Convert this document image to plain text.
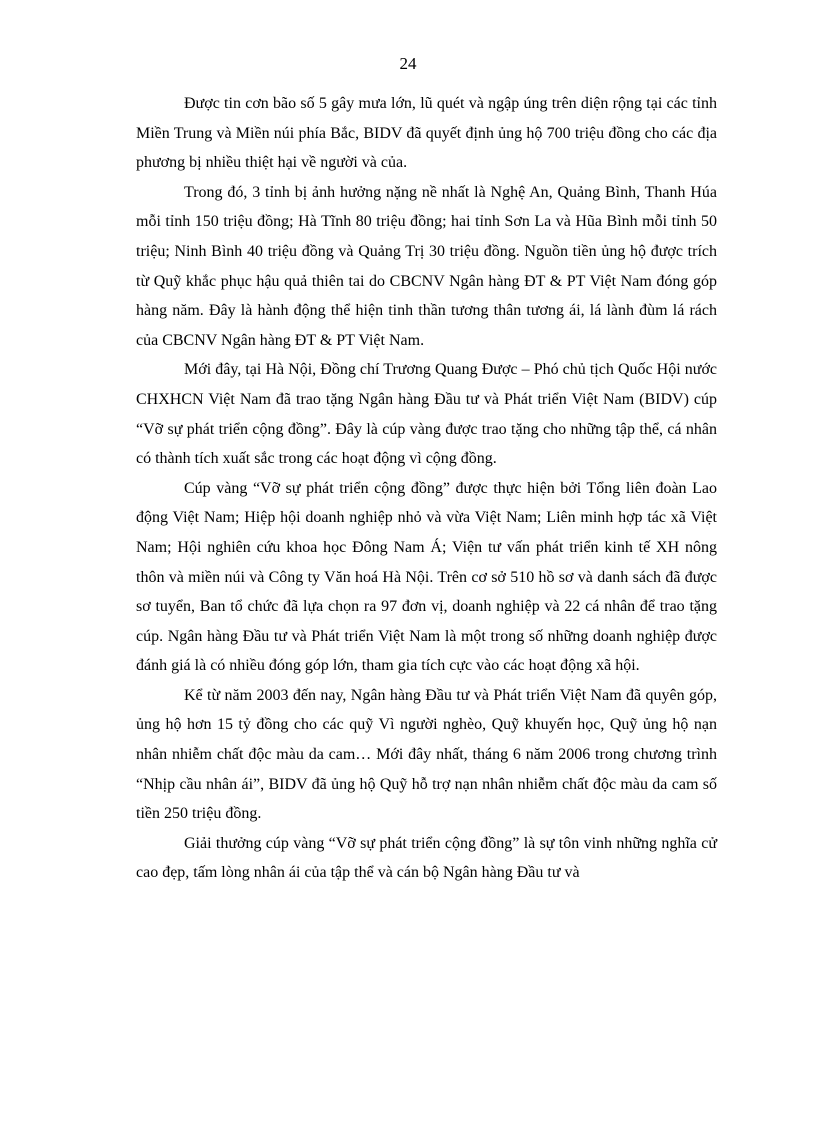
24

Được tin cơn bão số 5 gây mưa lớn, lũ quét và ngập úng trên diện rộng tại các tỉnh Miền Trung và Miền núi phía Bắc, BIDV đã quyết định ủng hộ 700 triệu đồng cho các địa phương bị nhiều thiệt hại về người và của.

Trong đó, 3 tỉnh bị ảnh hưởng nặng nề nhất là Nghệ An, Quảng Bình, Thanh Húa mỗi tỉnh 150 triệu đồng; Hà Tĩnh 80 triệu đồng; hai tỉnh Sơn La và Hũa Bình mỗi tỉnh 50 triệu; Ninh Bình 40 triệu đồng và Quảng Trị 30 triệu đồng. Nguồn tiền ủng hộ được trích từ Quỹ khắc phục hậu quả thiên tai do CBCNV Ngân hàng ĐT & PT Việt Nam đóng góp hàng năm. Đây là hành động thể hiện tinh thần tương thân tương ái, lá lành đùm lá rách của CBCNV Ngân hàng ĐT & PT Việt Nam.

Mới đây, tại Hà Nội, Đồng chí Trương Quang Được – Phó chủ tịch Quốc Hội nước CHXHCN Việt Nam đã trao tặng Ngân hàng Đầu tư và Phát triển Việt Nam (BIDV) cúp “Vỡ sự phát triển cộng đồng”. Đây là cúp vàng được trao tặng cho những tập thể, cá nhân có thành tích xuất sắc trong các hoạt động vì cộng đồng.

Cúp vàng “Vỡ sự phát triển cộng đồng” được thực hiện bởi Tổng liên đoàn Lao động Việt Nam; Hiệp hội doanh nghiệp nhỏ và vừa Việt Nam; Liên minh hợp tác xã Việt Nam; Hội nghiên cứu khoa học Đông Nam Á; Viện tư vấn phát triển kinh tế XH nông thôn và miền núi và Công ty Văn hoá Hà Nội. Trên cơ sở 510 hồ sơ và danh sách đã được sơ tuyển, Ban tổ chức đã lựa chọn ra 97 đơn vị, doanh nghiệp và 22 cá nhân để trao tặng cúp. Ngân hàng Đầu tư và Phát triển Việt Nam là một trong số những doanh nghiệp được đánh giá là có nhiều đóng góp lớn, tham gia tích cực vào các hoạt động xã hội.

Kể từ năm 2003 đến nay, Ngân hàng Đầu tư và Phát triển Việt Nam đã quyên góp, ủng hộ hơn 15 tỷ đồng cho các quỹ Vì người nghèo, Quỹ khuyến học, Quỹ ủng hộ nạn nhân nhiễm chất độc màu da cam… Mới đây nhất, tháng 6 năm 2006 trong chương trình “Nhịp cầu nhân ái”, BIDV đã ủng hộ Quỹ hỗ trợ nạn nhân nhiễm chất độc màu da cam số tiền 250 triệu đồng.

Giải thưởng cúp vàng “Vỡ sự phát triển cộng đồng” là sự tôn vinh những nghĩa cử cao đẹp, tấm lòng nhân ái của tập thể và cán bộ Ngân hàng Đầu tư và
